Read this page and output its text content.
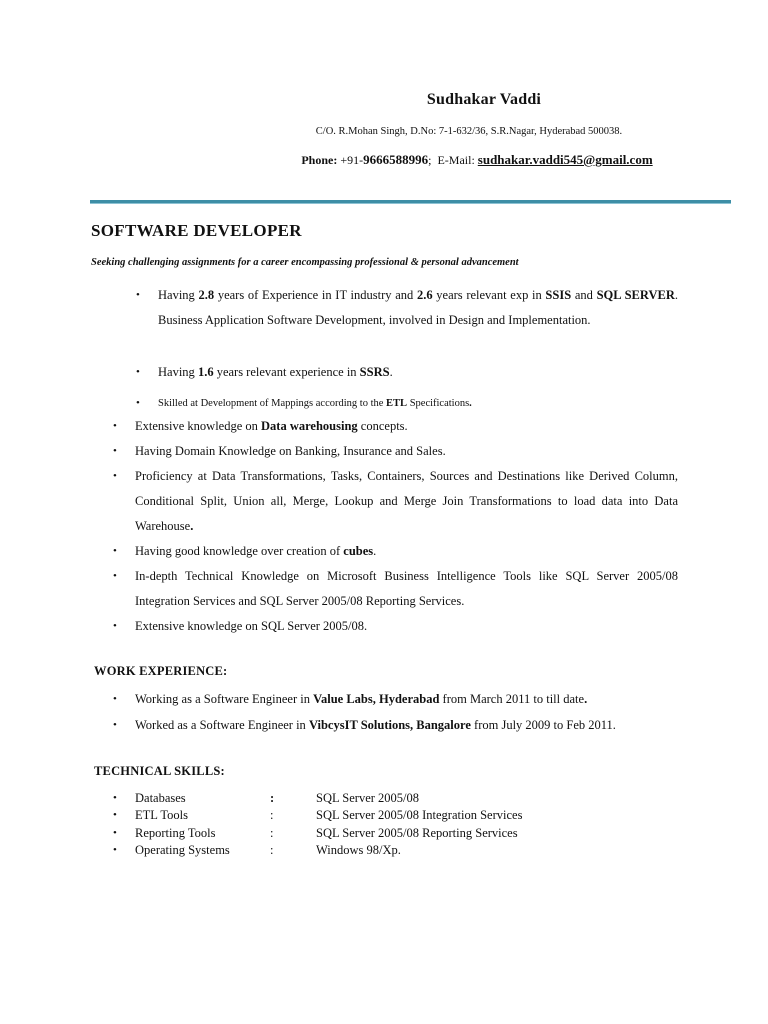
Sudhakar Vaddi
C/O. R.Mohan Singh, D.No: 7-1-632/36, S.R.Nagar, Hyderabad 500038.
Phone: +91-9666588996; E-Mail: sudhakar.vaddi545@gmail.com
SOFTWARE DEVELOPER
Seeking challenging assignments for a career encompassing professional & personal advancement
• Having 2.8 years of Experience in IT industry and 2.6 years relevant exp in SSIS and SQL SERVER. Business Application Software Development, involved in Design and Implementation.
• Having 1.6 years relevant experience in SSRS.
• Skilled at Development of Mappings according to the ETL Specifications.
• Extensive knowledge on Data warehousing concepts.
• Having Domain Knowledge on Banking, Insurance and Sales.
• Proficiency at Data Transformations, Tasks, Containers, Sources and Destinations like Derived Column, Conditional Split, Union all, Merge, Lookup and Merge Join Transformations to load data into Data Warehouse.
• Having good knowledge over creation of cubes.
• In-depth Technical Knowledge on Microsoft Business Intelligence Tools like SQL Server 2005/08 Integration Services and SQL Server 2005/08 Reporting Services.
• Extensive knowledge on SQL Server 2005/08.
WORK EXPERIENCE:
• Working as a Software Engineer in Value Labs, Hyderabad from March 2011 to till date.
• Worked as a Software Engineer in VibcysIT Solutions, Bangalore from July 2009 to Feb 2011.
TECHNICAL SKILLS:
• Databases	:	SQL Server 2005/08
• ETL Tools	:	SQL Server 2005/08 Integration Services
• Reporting Tools	:	SQL Server 2005/08 Reporting Services
• Operating Systems	:	Windows 98/Xp.
